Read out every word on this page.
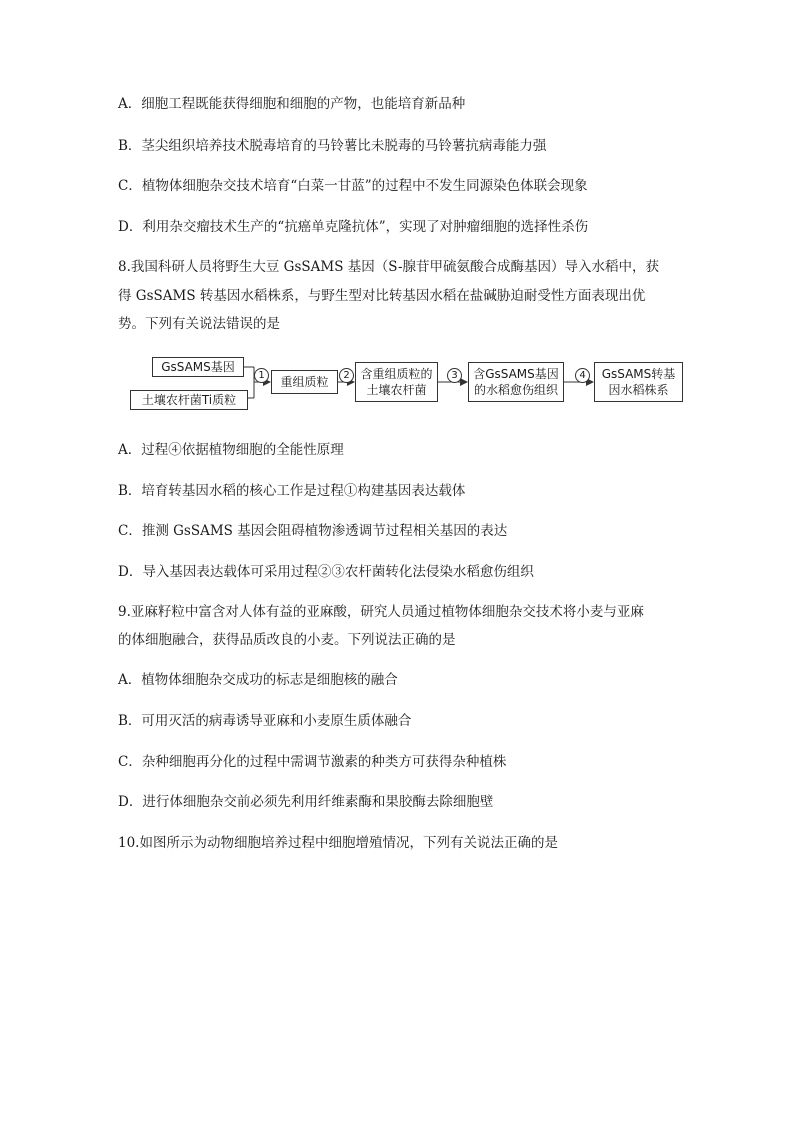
A．细胞工程既能获得细胞和细胞的产物，也能培育新品种
B．茎尖组织培养技术脱毒培育的马铃薯比未脱毒的马铃薯抗病毒能力强
C．植物体细胞杂交技术培育“白菜一甘蓝”的过程中不发生同源染色体联会现象
D．利用杂交瘤技术生产的“抗癌单克隆抗体”，实现了对肿瘤细胞的选择性杀伤
8.我国科研人员将野生大豆 GsSAMS 基因（S-腺苷甲硫氨酸合成酶基因）导入水稻中，获
得 GsSAMS 转基因水稻株系，与野生型对比转基因水稻在盐碱胁迫耐受性方面表现出优
势。下列有关说法错误的是
GsSAMS基因
土壤农杆菌Ti质粒
1	重组质粒	2 含重组质粒的
土壤农杆菌
3	含GsSAMS基因
的水稻愈伤组织
4	GsSAMS转基
因水稻株系
A．过程④依据植物细胞的全能性原理
B．培育转基因水稻的核心工作是过程①构建基因表达载体
C．推测 GsSAMS 基因会阻碍植物渗透调节过程相关基因的表达
D．导入基因表达载体可采用过程②③农杆菌转化法侵染水稻愈伤组织
9.亚麻籽粒中富含对人体有益的亚麻酸，研究人员通过植物体细胞杂交技术将小麦与亚麻
的体细胞融合，获得品质改良的小麦。下列说法正确的是
A．植物体细胞杂交成功的标志是细胞核的融合
B．可用灭活的病毒诱导亚麻和小麦原生质体融合
C．杂种细胞再分化的过程中需调节激素的种类方可获得杂种植株
D．进行体细胞杂交前必须先利用纤维素酶和果胶酶去除细胞壁
10.如图所示为动物细胞培养过程中细胞增殖情况，下列有关说法正确的是
